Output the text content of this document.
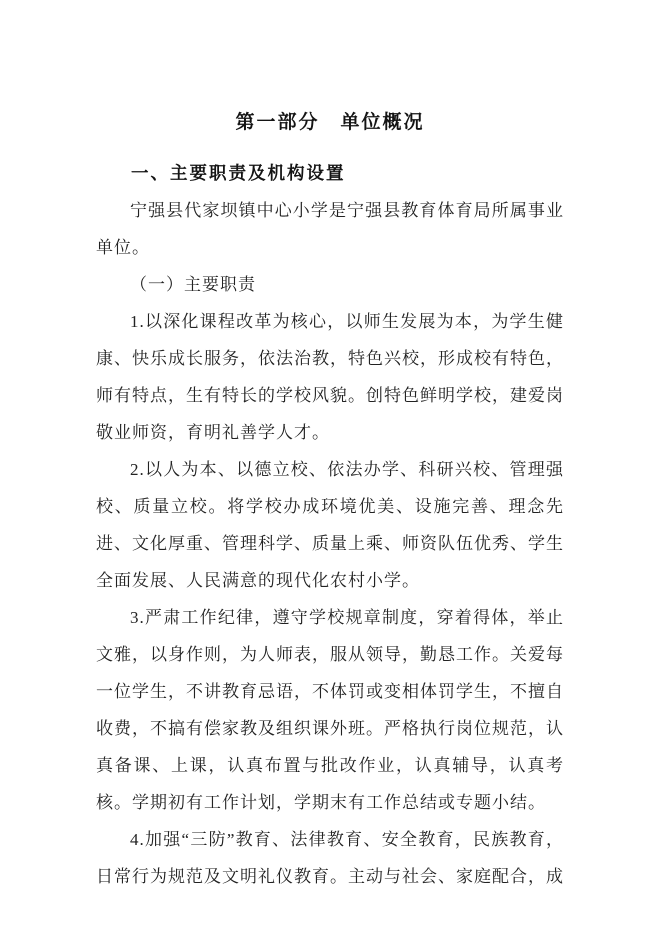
第一部分　单位概况
一、主要职责及机构设置

宁强县代家坝镇中心小学是宁强县教育体育局所属事业单位。

（一）主要职责

1.以深化课程改革为核心，以师生发展为本，为学生健康、快乐成长服务，依法治教，特色兴校，形成校有特色，师有特点，生有特长的学校风貌。创特色鲜明学校，建爱岗敬业师资，育明礼善学人才。

2.以人为本、以德立校、依法办学、科研兴校、管理强校、质量立校。将学校办成环境优美、设施完善、理念先进、文化厚重、管理科学、质量上乘、师资队伍优秀、学生全面发展、人民满意的现代化农村小学。

3.严肃工作纪律，遵守学校规章制度，穿着得体，举止文雅，以身作则，为人师表，服从领导，勤恳工作。关爱每一位学生，不讲教育忌语，不体罚或变相体罚学生，不擅自收费，不搞有偿家教及组织课外班。严格执行岗位规范，认真备课、上课，认真布置与批改作业，认真辅导，认真考核。学期初有工作计划，学期末有工作总结或专题小结。

4.加强“三防”教育、法律教育、安全教育，民族教育，日常行为规范及文明礼仪教育。主动与社会、家庭配合，成
